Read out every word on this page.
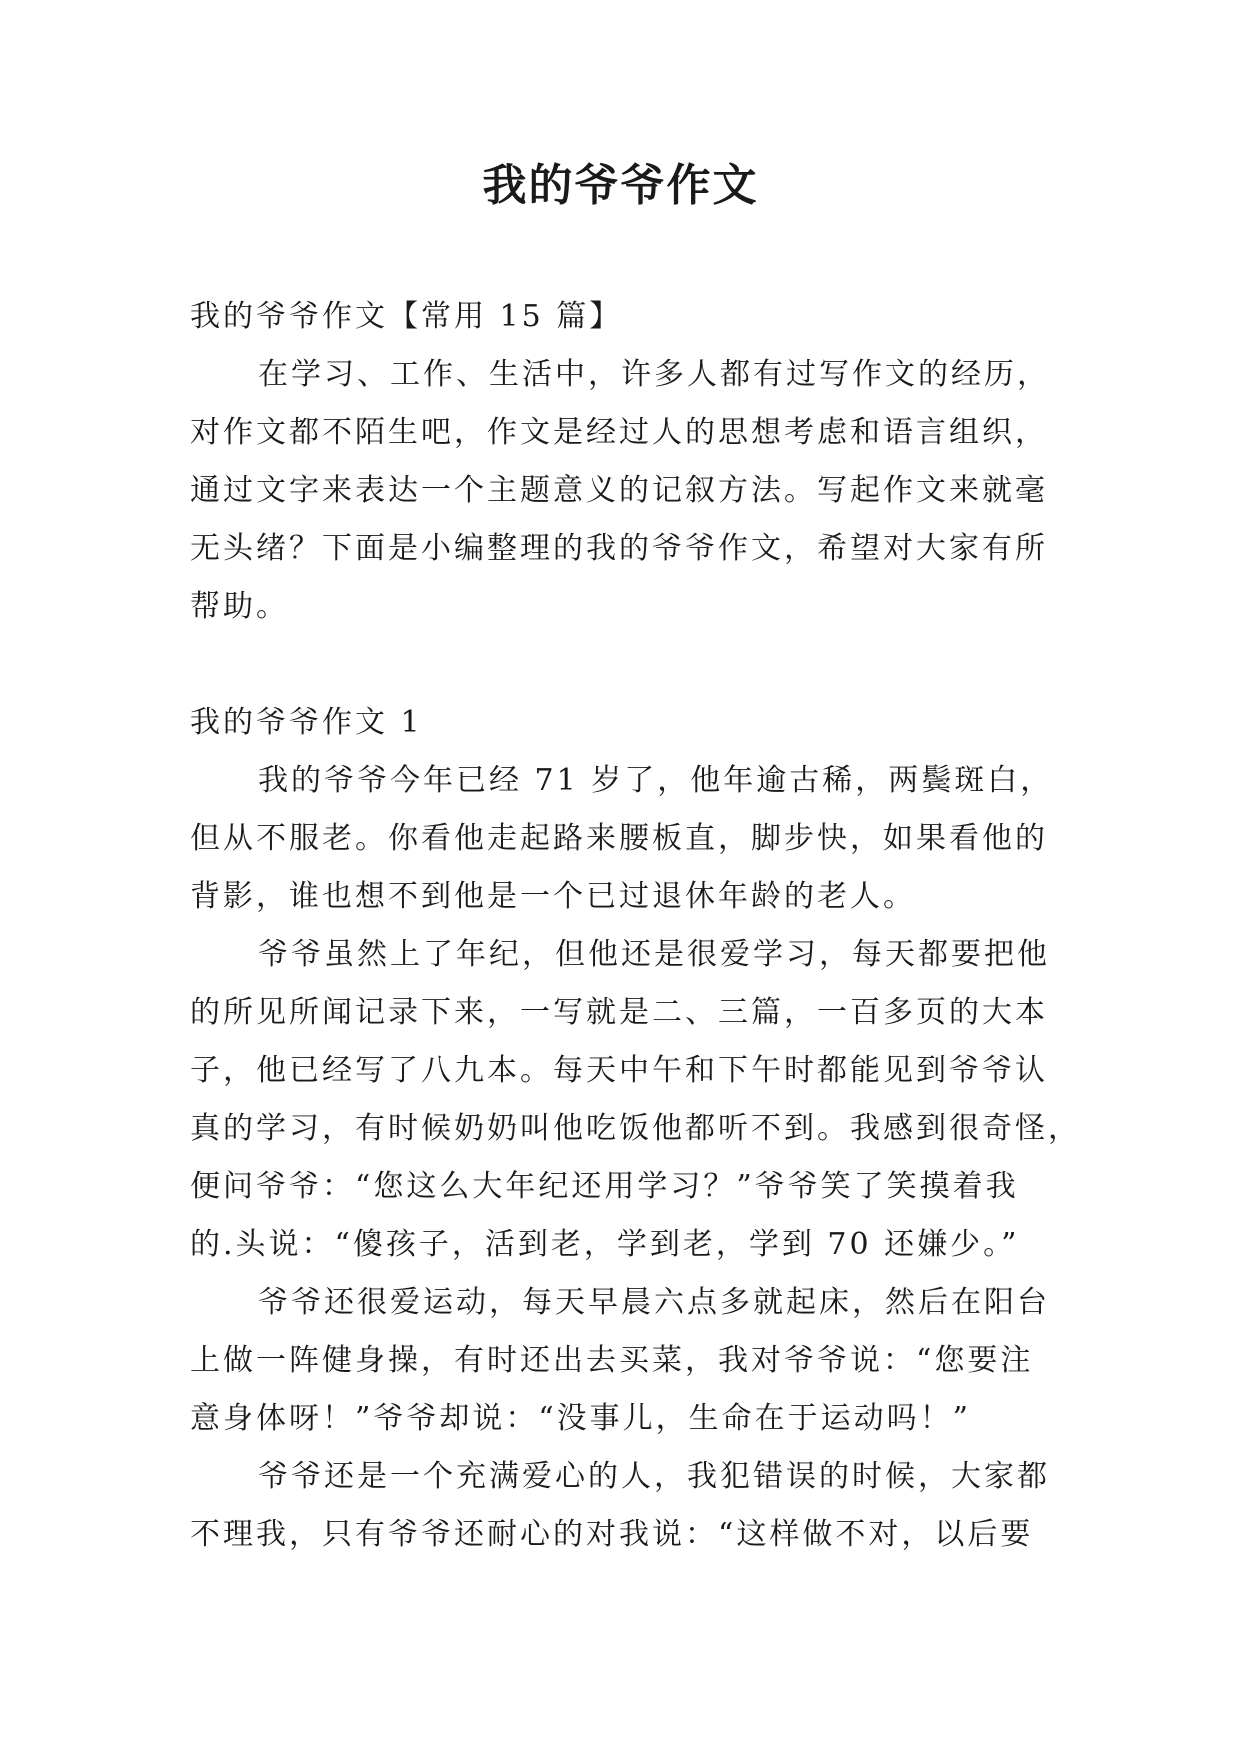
我的爷爷作文
我的爷爷作文【常用 15 篇】
在学习、工作、生活中，许多人都有过写作文的经历，
对作文都不陌生吧，作文是经过人的思想考虑和语言组织，
通过文字来表达一个主题意义的记叙方法。写起作文来就毫
无头绪？下面是小编整理的我的爷爷作文，希望对大家有所
帮助。
我的爷爷作文 1
我的爷爷今年已经 71 岁了，他年逾古稀，两鬓斑白，
但从不服老。你看他走起路来腰板直，脚步快，如果看他的
背影，谁也想不到他是一个已过退休年龄的老人。
爷爷虽然上了年纪，但他还是很爱学习，每天都要把他
的所见所闻记录下来，一写就是二、三篇，一百多页的大本
子，他已经写了八九本。每天中午和下午时都能见到爷爷认
真的学习，有时候奶奶叫他吃饭他都听不到。我感到很奇怪，
便问爷爷：“您这么大年纪还用学习？”爷爷笑了笑摸着我
的.头说：“傻孩子，活到老，学到老，学到 70 还嫌少。”
爷爷还很爱运动，每天早晨六点多就起床，然后在阳台
上做一阵健身操，有时还出去买菜，我对爷爷说：“您要注
意身体呀！”爷爷却说：“没事儿，生命在于运动吗！”
爷爷还是一个充满爱心的人，我犯错误的时候，大家都
不理我，只有爷爷还耐心的对我说：“这样做不对，以后要
